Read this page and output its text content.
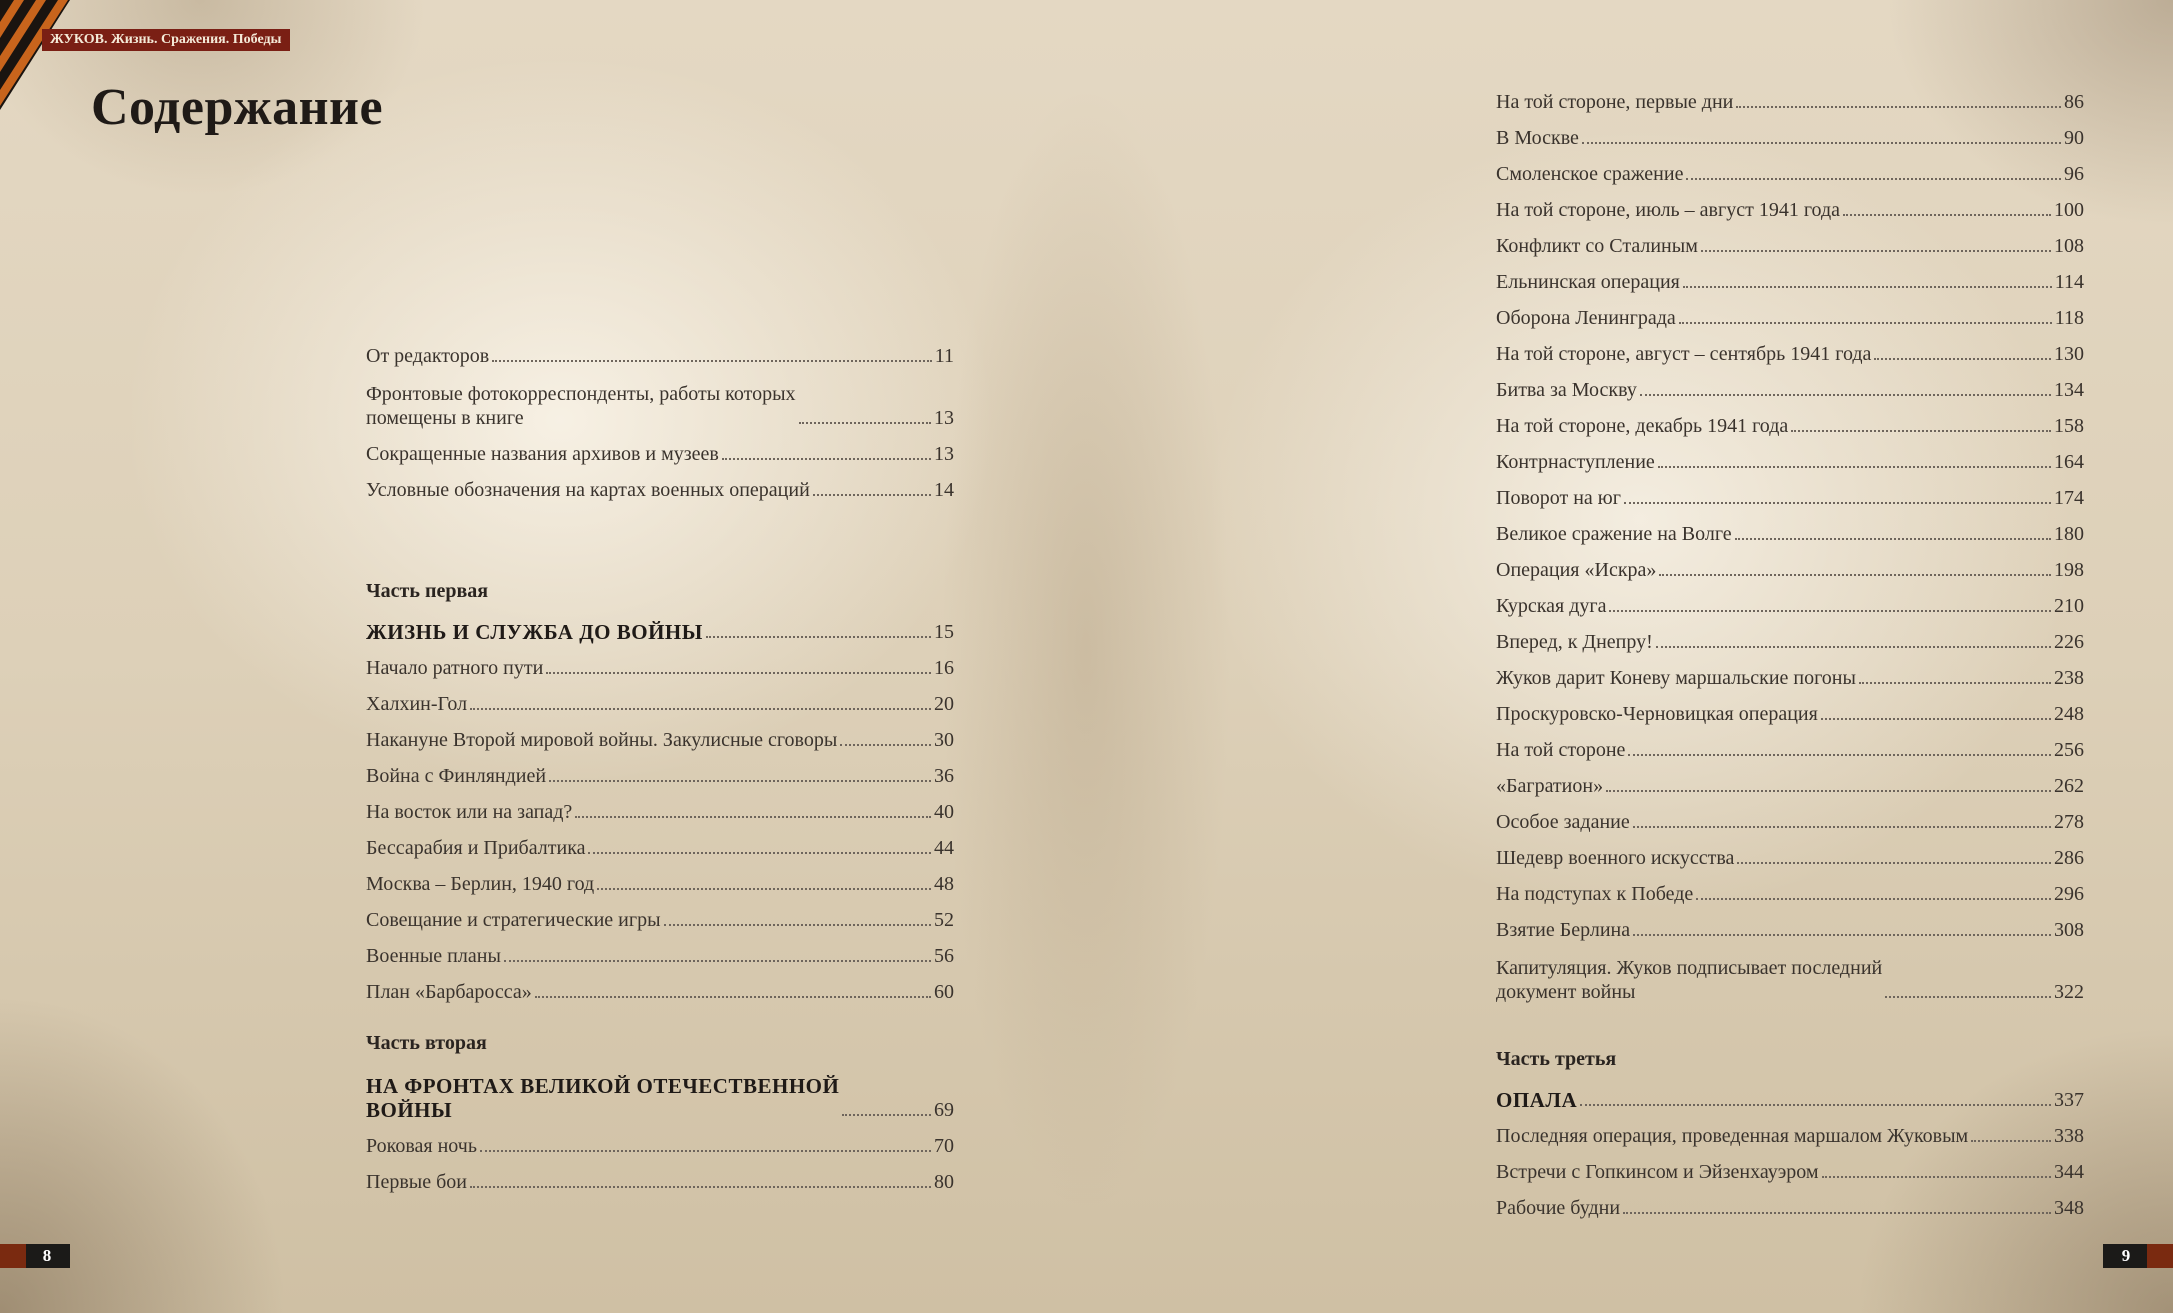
ЖУКОВ. Жизнь. Сражения. Победы
Содержание
От редакторов	11
Фронтовые фотокорреспонденты, работы которых
помещены в книге	13
Сокращенные названия архивов и музеев	13
Условные обозначения на картах военных операций	14
Часть первая
ЖИЗНЬ И СЛУЖБА ДО ВОЙНЫ	15
Начало ратного пути	16
Халхин-Гол	20
Накануне Второй мировой войны. Закулисные сговоры	30
Война с Финляндией	36
На восток или на запад?	40
Бессарабия и Прибалтика	44
Москва – Берлин, 1940 год	48
Совещание и стратегические игры	52
Военные планы	56
План «Барбаросса»	60
Часть вторая
НА ФРОНТАХ ВЕЛИКОЙ ОТЕЧЕСТВЕННОЙ
ВОЙНЫ	69
Роковая ночь	70
Первые бои	80
На той стороне, первые дни	86
В Москве	90
Смоленское сражение	96
На той стороне, июль – август 1941 года	100
Конфликт со Сталиным	108
Ельнинская операция	114
Оборона Ленинграда	118
На той стороне, август – сентябрь 1941 года	130
Битва за Москву	134
На той стороне, декабрь 1941 года	158
Контрнаступление	164
Поворот на юг	174
Великое сражение на Волге	180
Операция «Искра»	198
Курская дуга	210
Вперед, к Днепру!	226
Жуков дарит Коневу маршальские погоны	238
Проскуровско-Черновицкая операция	248
На той стороне	256
«Багратион»	262
Особое задание	278
Шедевр военного искусства	286
На подступах к Победе	296
Взятие Берлина	308
Капитуляция. Жуков подписывает последний
документ войны	322
Часть третья
ОПАЛА	337
Последняя операция, проведенная маршалом Жуковым	338
Встречи с Гопкинсом и Эйзенхауэром	344
Рабочие будни	348
8	9
